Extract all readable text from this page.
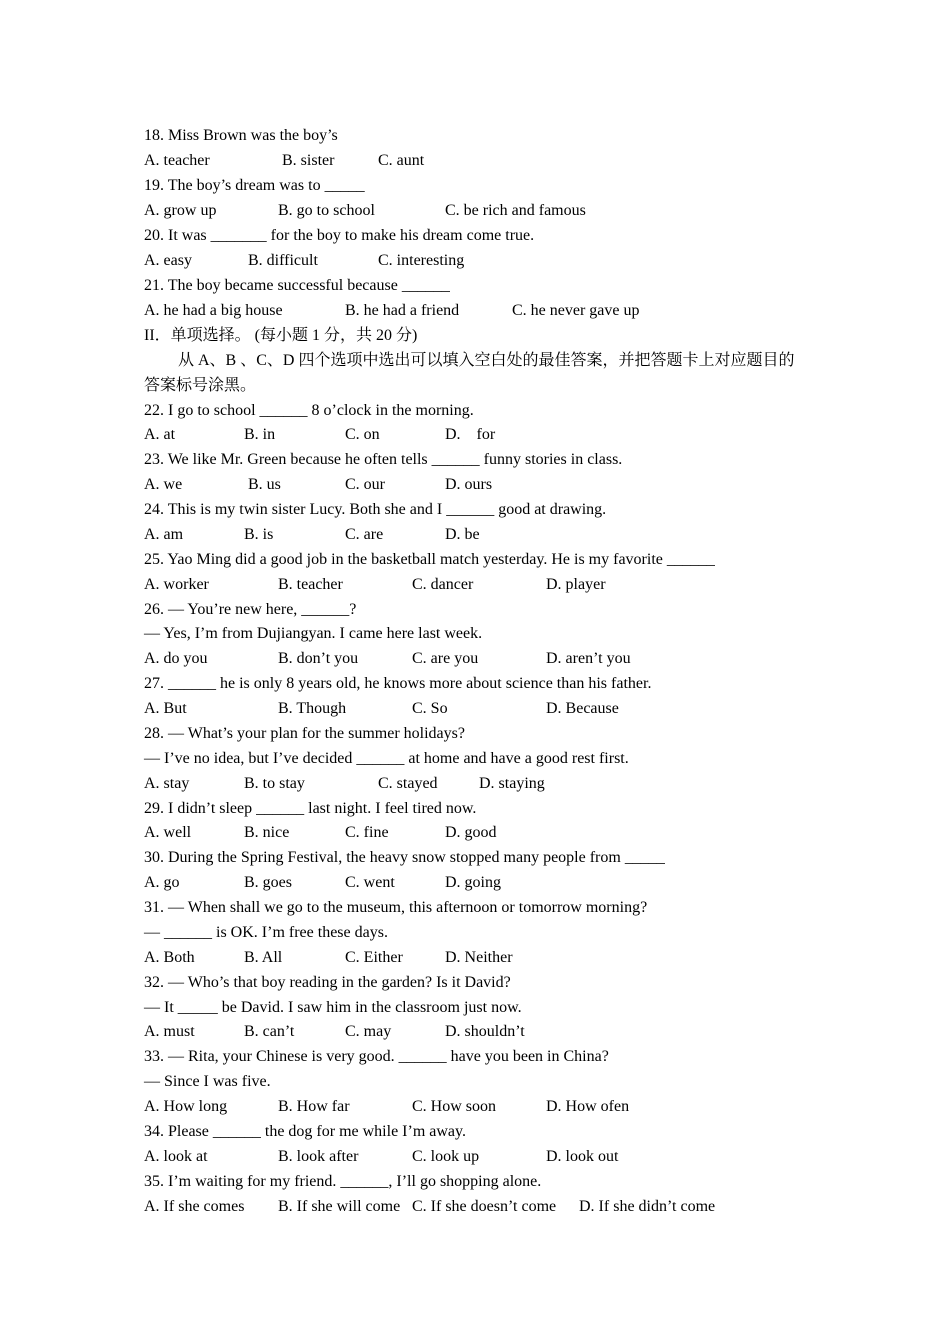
18. Miss Brown was the boy’s

A. teacher

	B. sister

	C. aunt

19. The boy’s dream was to _____

A. grow up

	B. go to school

	C. be rich and famous

20. It was _______ for the boy to make his dream come true.

A. easy

	B. difficult

	C. interesting

21. The boy became successful because ______

A. he had a big house

	B. he had a friend

	C. he never gave up

II．单项选择。 (每小题 1 分，共 20 分)
从 A、B 、C、D 四个选项中选出可以填入空白处的最佳答案，并把答题卡上对应题目的
答案标号涂黑。
22. I go to school ______ 8 o’clock in the morning.

A. at

	B. in

	C. on

	D.    for

23. We like Mr. Green because he often tells ______ funny stories in class.

A. we

	B. us

	C. our

	D. ours

24. This is my twin sister Lucy. Both she and I ______ good at drawing.

A. am

	B. is

	C. are

	D. be

25. Yao Ming did a good job in the basketball match yesterday. He is my favorite ______

A. worker

	B. teacher

	C. dancer

	D. player

26. — You’re new here, ______?
— Yes, I’m from Dujiangyan. I came here last week.

A. do you

	B. don’t you

	C. are you

	D. aren’t you

27. ______ he is only 8 years old, he knows more about science than his father.

A. But

	B. Though

	C. So

	D. Because

28. — What’s your plan for the summer holidays?
— I’ve no idea, but I’ve decided ______ at home and have a good rest first.

A. stay

	B. to stay

	C. stayed

	D. staying

29. I didn’t sleep ______ last night. I feel tired now.

A. well

	B. nice

	C. fine

	D. good

30. During the Spring Festival, the heavy snow stopped many people from _____

A. go

	B. goes

	C. went

	D. going

31. — When shall we go to the museum, this afternoon or tomorrow morning?
— ______ is OK. I’m free these days.

A. Both

	B. All

	C. Either

	D. Neither

32. — Who’s that boy reading in the garden? Is it David?
— It _____ be David. I saw him in the classroom just now.

A. must

	B. can’t

	C. may

	D. shouldn’t

33. — Rita, your Chinese is very good. ______ have you been in China?
— Since I was five.

A. How long

	B. How far

	C. How soon

	D. How ofen

34. Please ______ the dog for me while I’m away.

A. look at

	B. look after

	C. look up

	D. look out

35. I’m waiting for my friend. ______, I’ll go shopping alone.

A. If she comes

B. If she will come

C. If she doesn’t come

D. If she didn’t come
